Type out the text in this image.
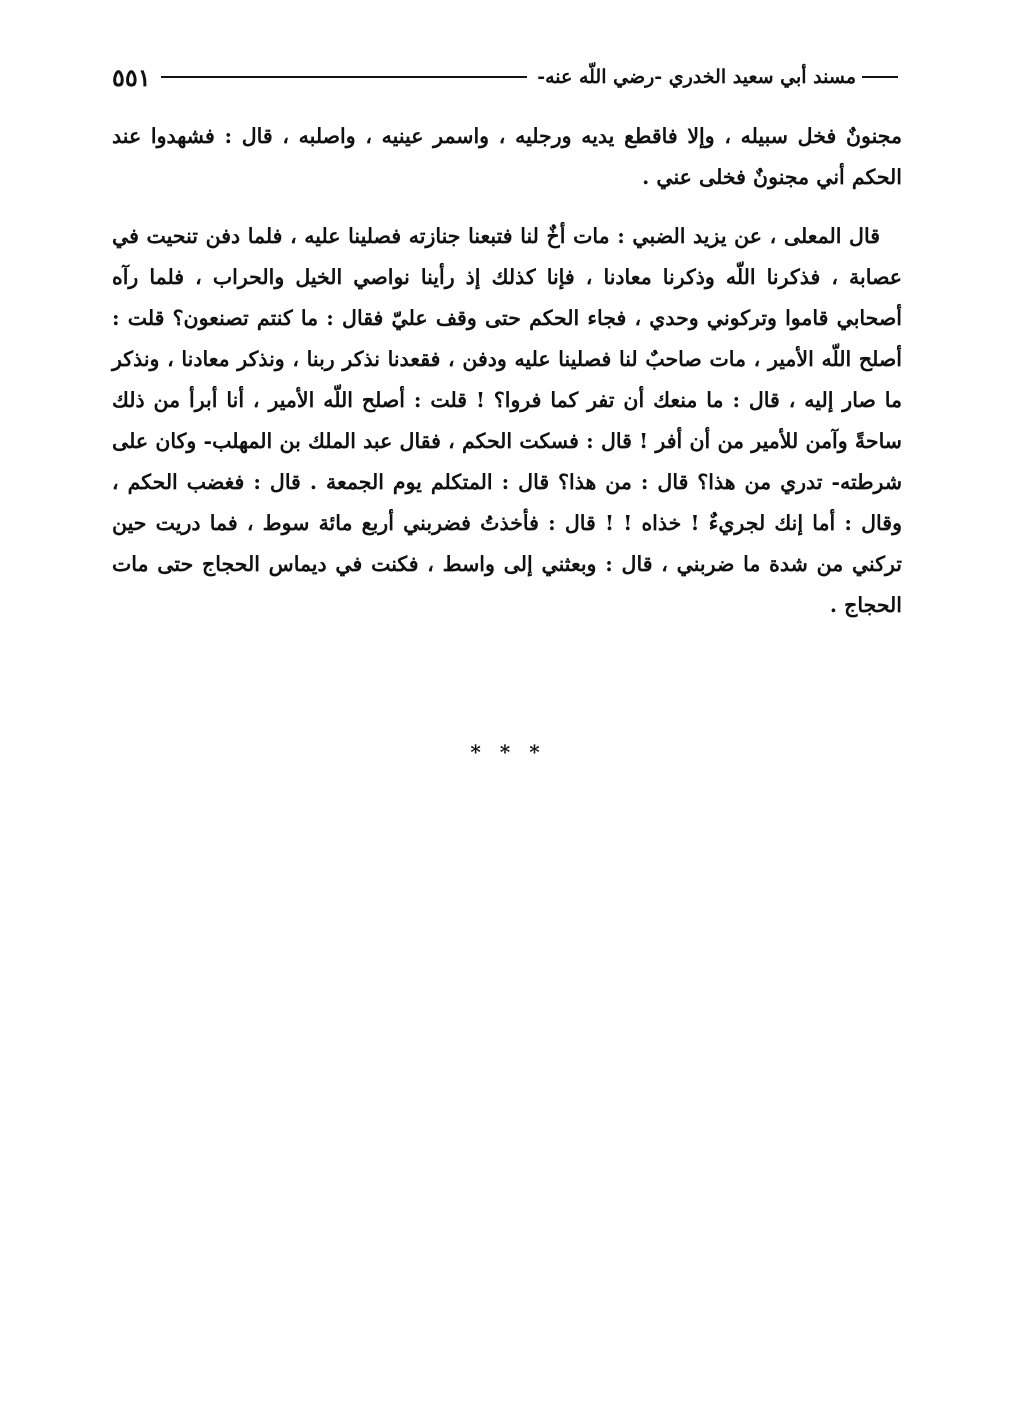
مسند أبي سعيد الخدري -رضي اللّه عنه-
٥٥١

مجنونٌ فخل سبيله ، وإلا فاقطع يديه ورجليه ، واسمر عينيه ، واصلبه ، قال : فشهدوا عند الحكم أني مجنونٌ فخلى عني .

قال المعلى ، عن يزيد الضبي : مات أخٌ لنا فتبعنا جنازته فصلينا عليه ، فلما دفن تنحيت في عصابة ، فذكرنا اللّه وذكرنا معادنا ، فإنا كذلك إذ رأينا نواصي الخيل والحراب ، فلما رآه أصحابي قاموا وتركوني وحدي ، فجاء الحكم حتى وقف عليّ فقال : ما كنتم تصنعون؟ قلت : أصلح اللّه الأمير ، مات صاحبٌ لنا فصلينا عليه ودفن ، فقعدنا نذكر ربنا ، ونذكر معادنا ، ونذكر ما صار إليه ، قال : ما منعك أن تفر كما فروا؟ ! قلت : أصلح اللّه الأمير ، أنا أبرأ من ذلك ساحةً وآمن للأمير من أن أفر ! قال : فسكت الحكم ، فقال عبد الملك بن المهلب- وكان على شرطته- تدري من هذا؟ قال : من هذا؟ قال : المتكلم يوم الجمعة . قال : فغضب الحكم ، وقال : أما إنك لجريءٌ ! خذاه ! ! قال : فأخذتُ فضربني أربع مائة سوط ، فما دريت حين تركني من شدة ما ضربني ، قال : وبعثني إلى واسط ، فكنت في ديماس الحجاج حتى مات الحجاج .

* * *
